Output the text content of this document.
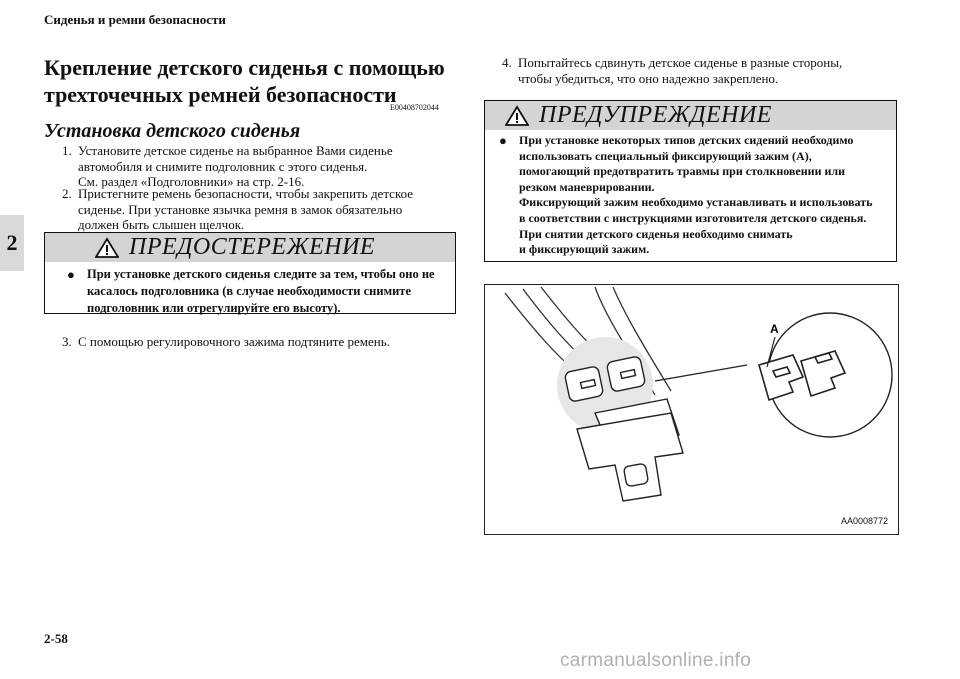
Сиденья и ремни безопасности
2
Крепление детского сиденья с помощью
трехточечных ремней безопасности
E00408702044
Установка детского сиденья
1. Установите детское сиденье на выбранное Вами сиденье
автомобиля и снимите подголовник с этого сиденья.
См. раздел «Подголовники» на стр. 2-16.
2. Пристегните ремень безопасности, чтобы закрепить детское
сиденье. При установке язычка ремня в замок обязательно
должен быть слышен щелчок.
ПРЕДОСТЕРЕЖЕНИЕ
● При установке детского сиденья следите за тем, чтобы оно не
касалось подголовника (в случае необходимости снимите
подголовник или отрегулируйте его высоту).
3. С помощью регулировочного зажима подтяните ремень.
4. Попытайтесь сдвинуть детское сиденье в разные стороны,
чтобы убедиться, что оно надежно закреплено.
ПРЕДУПРЕЖДЕНИЕ
● При установке некоторых типов детских сидений необходимо
использовать специальный фиксирующий зажим (A),
помогающий предотвратить травмы при столкновении или
резком маневрировании.
Фиксирующий зажим необходимо устанавливать и использовать
в соответствии с инструкциями изготовителя детского сиденья.
При снятии детского сиденья необходимо снимать
и фиксирующий зажим.
A
AA0008772
2-58
carmanualsonline.info
